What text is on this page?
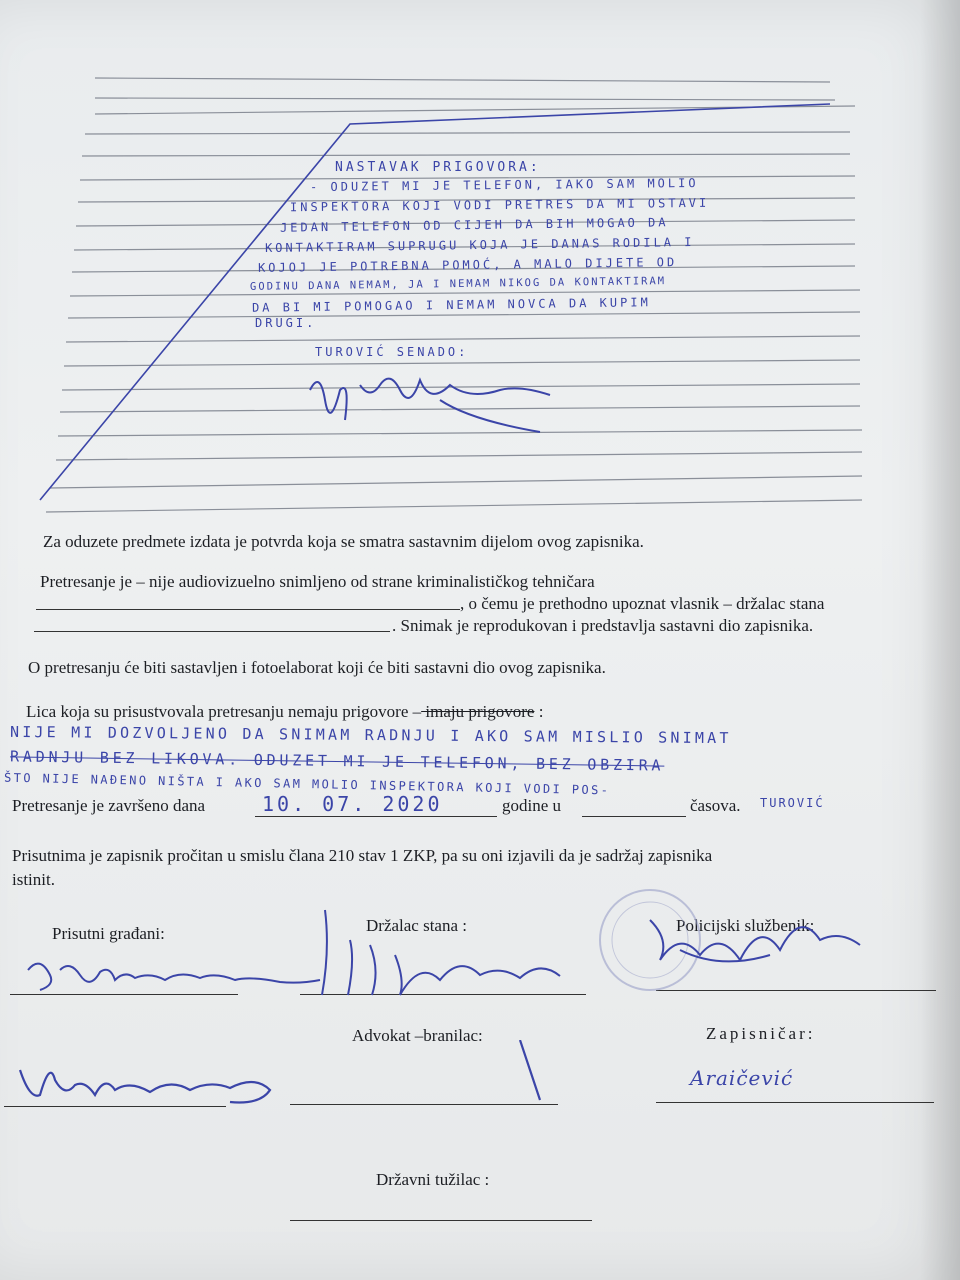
NASTAVAK PRIGOVORA:
- ODUZET MI JE TELEFON, IAKO SAM MOLIO
INSPEKTORA KOJI VODI PRETRES DA MI OSTAVI
JEDAN TELEFON OD CIJEH DA BIH MOGAO DA
KONTAKTIRAM SUPRUGU KOJA JE DANAS RODILA I
KOJOJ JE POTREBNA POMOĆ, A MALO DIJETE OD
GODINU DANA NEMAM, JA I NEMAM NIKOG DA KONTAKTIRAM
DA BI MI POMOGAO I NEMAM NOVCA DA KUPIM
DRUGI.
TUROVIĆ SENADO:
Za oduzete predmete izdata je potvrda koja se smatra sastavnim dijelom ovog zapisnika.
Pretresanje je – nije audiovizuelno snimljeno od strane kriminalističkog tehničara
, o čemu je prethodno upoznat vlasnik – držalac stana
. Snimak je reprodukovan i predstavlja sastavni dio zapisnika.
O pretresanju će biti sastavljen i fotoelaborat koji će biti sastavni dio ovog zapisnika.
Lica koja su prisustvovala pretresanju nemaju prigovore – imaju prigovore :
NIJE MI DOZVOLJENO DA SNIMAM RADNJU I AKO SAM MISLIO SNIMAT
RADNJU BEZ LIKOVA. ODUZET MI JE TELEFON, BEZ OBZIRA
ŠTO NIJE NAĐENO NIŠTA I AKO SAM MOLIO INSPEKTORA KOJI VODI POS-
Pretresanje je završeno dana	10. 07. 2020	godine u	časova. TUROVIĆ
Prisutnima je zapisnik pročitan u smislu člana 210 stav 1 ZKP, pa su oni izjavili da je sadržaj zapisnika
istinit.
Prisutni građani:	Držalac stana :	Policijski službenik:
Advokat –branilac:	Zapisničar:
Araičević
Državni tužilac :
